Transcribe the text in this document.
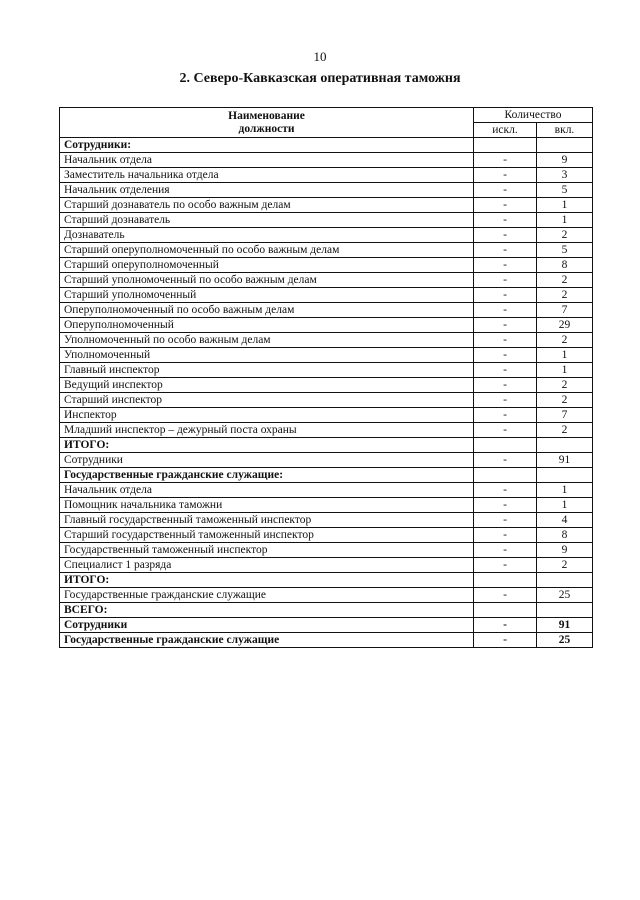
10
2. Северо-Кавказская оперативная таможня
Наименование
должности	Количество	
	искл.	вкл.
Сотрудники:		
Начальник отдела	-	9
Заместитель начальника отдела	-	3
Начальник отделения	-	5
Старший дознаватель по особо важным делам	-	1
Старший дознаватель	-	1
Дознаватель	-	2
Старший оперуполномоченный по особо важным делам	-	5
Старший оперуполномоченный	-	8
Старший уполномоченный по особо важным делам	-	2
Старший уполномоченный	-	2
Оперуполномоченный по особо важным делам	-	7
Оперуполномоченный	-	29
Уполномоченный по особо важным делам	-	2
Уполномоченный	-	1
Главный инспектор	-	1
Ведущий инспектор	-	2
Старший инспектор	-	2
Инспектор	-	7
Младший инспектор – дежурный поста охраны	-	2
ИТОГО:		
Сотрудники	-	91
Государственные гражданские служащие:		
Начальник отдела	-	1
Помощник начальника таможни	-	1
Главный государственный таможенный инспектор	-	4
Старший государственный таможенный инспектор	-	8
Государственный таможенный инспектор	-	9
Специалист 1 разряда	-	2
ИТОГО:		
Государственные гражданские служащие	-	25
ВСЕГО:		
Сотрудники	-	91
Государственные гражданские служащие	-	25
